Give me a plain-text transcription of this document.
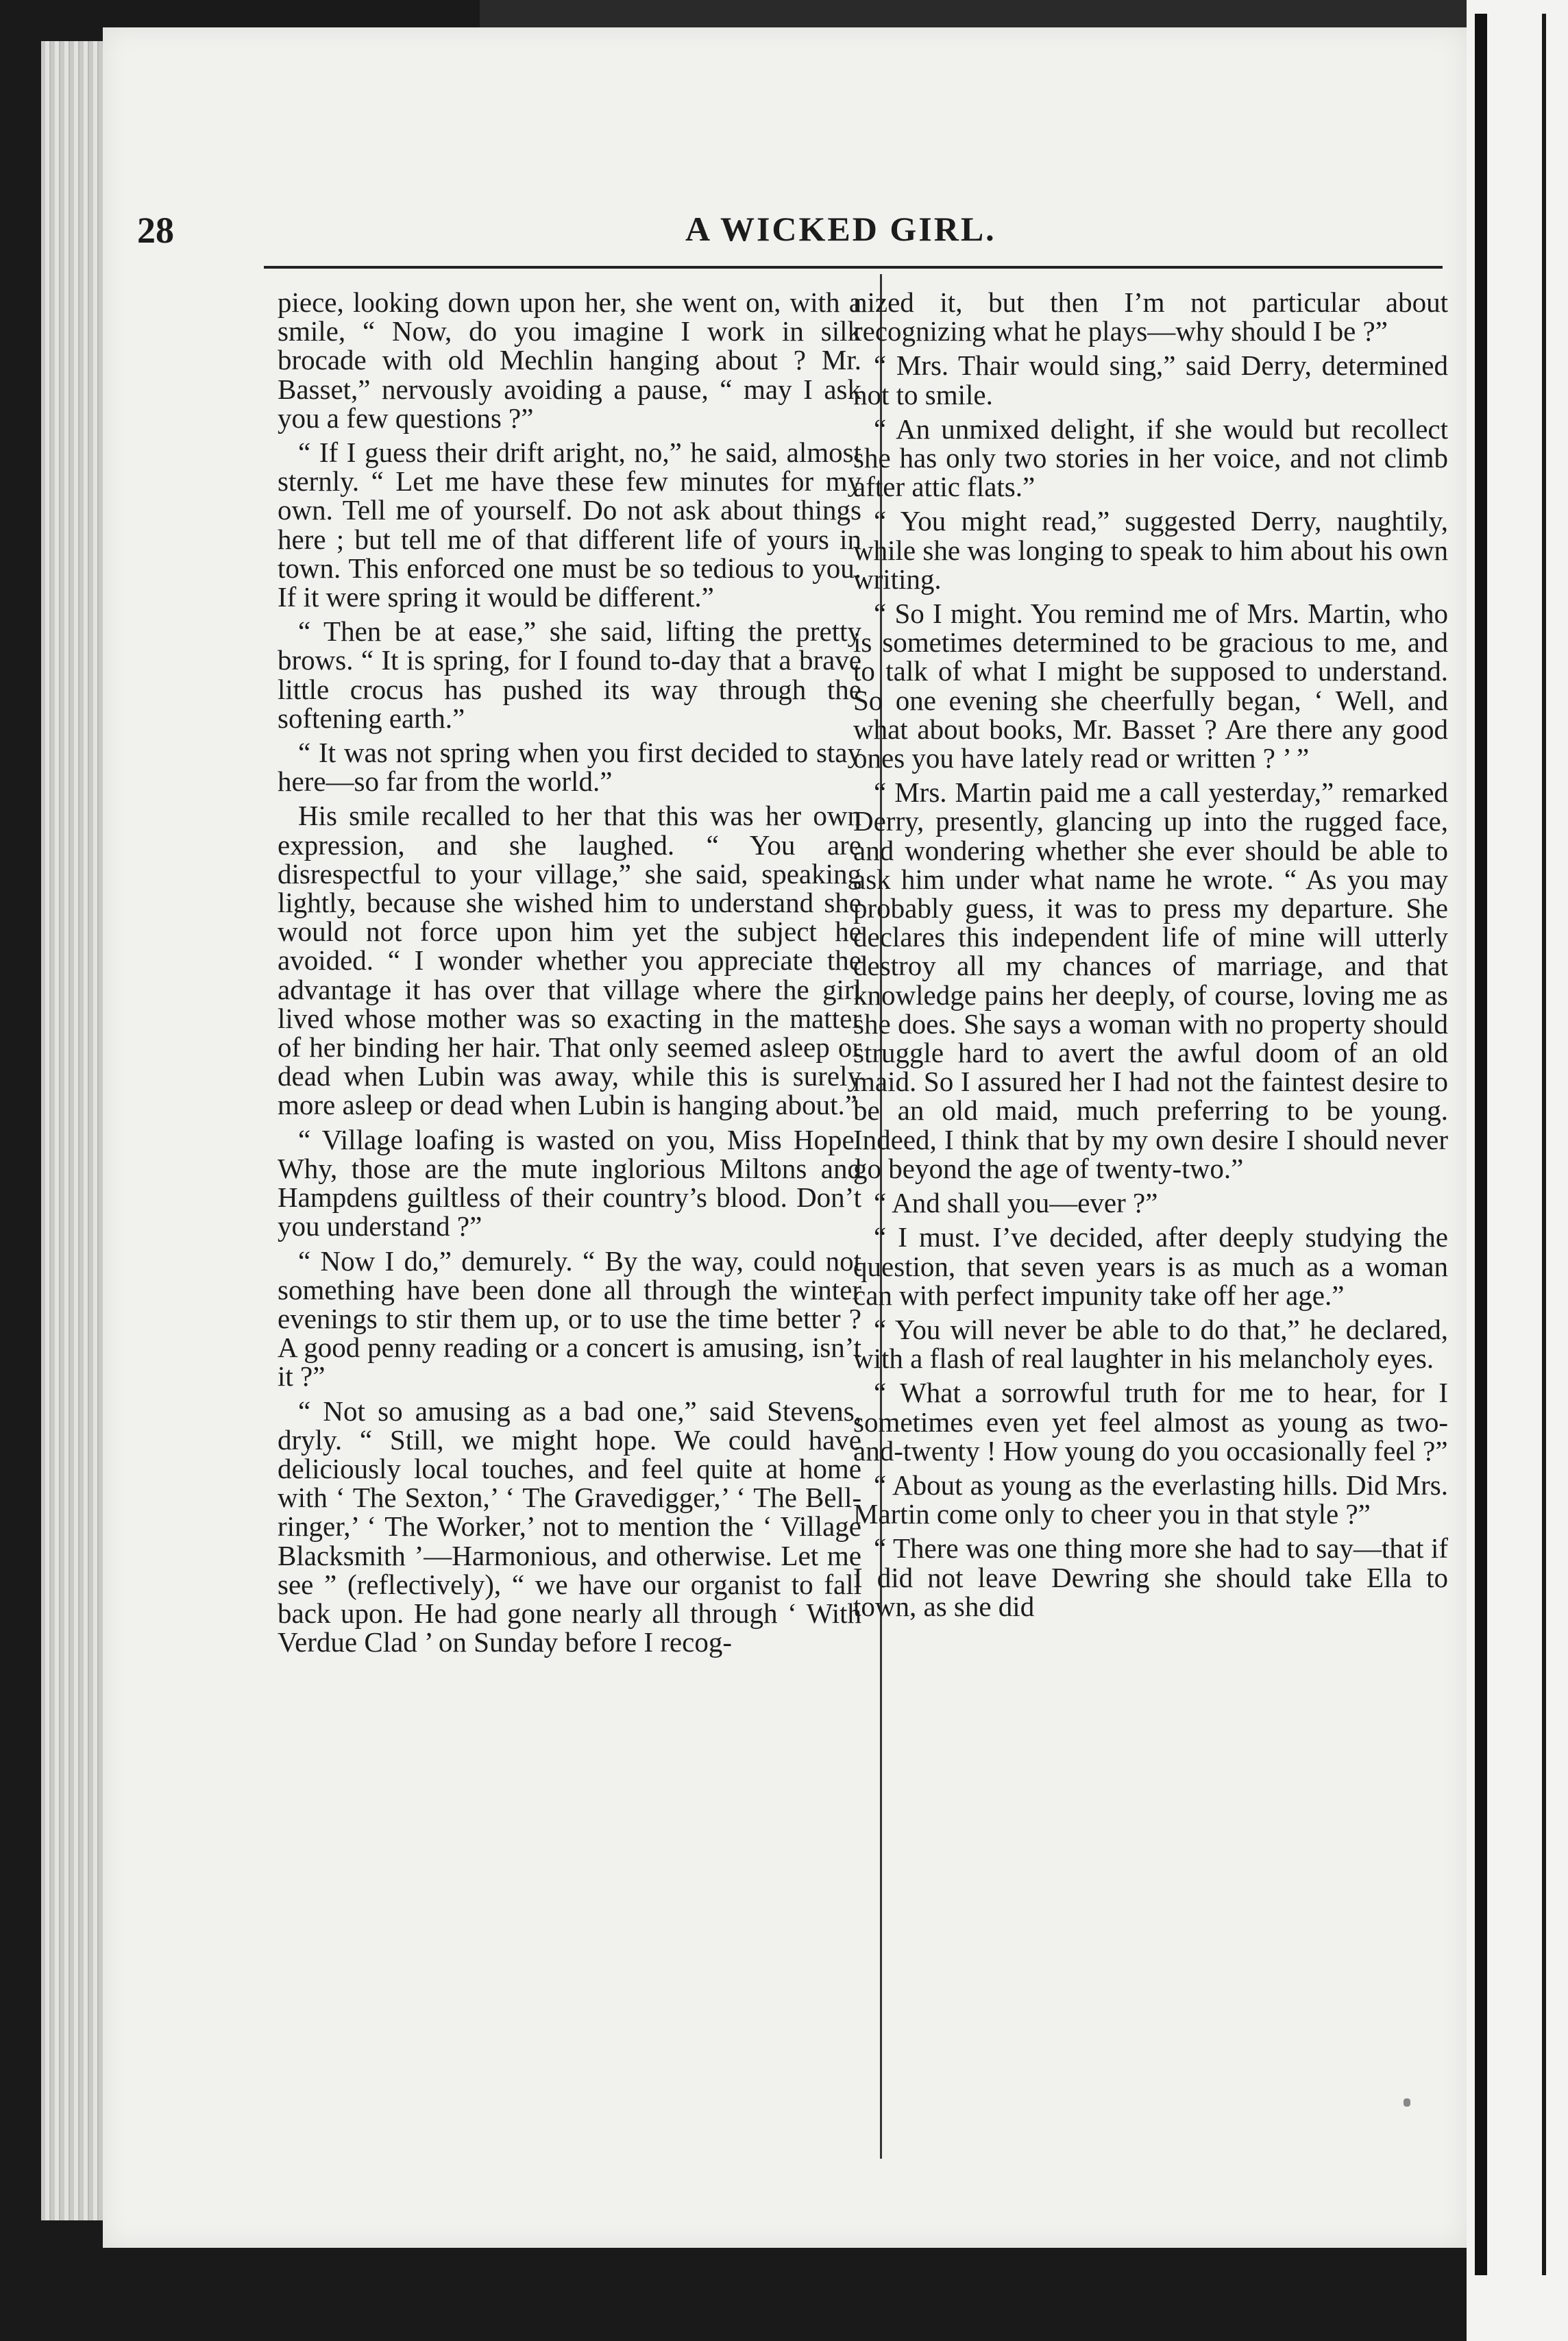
28	A WICKED GIRL.

piece, looking down upon her, she went on, with a smile, “ Now, do you imagine I work in silk brocade with old Mechlin hanging about ? Mr. Basset,” nervously avoiding a pause, “ may I ask you a few questions ?”

“ If I guess their drift aright, no,” he said, almost sternly. “ Let me have these few minutes for my own. Tell me of yourself. Do not ask about things here ; but tell me of that different life of yours in town. This enforced one must be so tedious to you. If it were spring it would be different.”

“ Then be at ease,” she said, lifting the pretty brows. “ It is spring, for I found to-day that a brave little crocus has pushed its way through the softening earth.”

“ It was not spring when you first decided to stay here—so far from the world.”

His smile recalled to her that this was her own expression, and she laughed. “ You are disrespectful to your village,” she said, speaking lightly, because she wished him to understand she would not force upon him yet the subject he avoided. “ I wonder whether you appreciate the advantage it has over that village where the girl lived whose mother was so exacting in the matter of her binding her hair. That only seemed asleep or dead when Lubin was away, while this is surely more asleep or dead when Lubin is hanging about.”

“ Village loafing is wasted on you, Miss Hope. Why, those are the mute inglorious Miltons and Hampdens guiltless of their country’s blood. Don’t you understand ?”

“ Now I do,” demurely. “ By the way, could not something have been done all through the winter evenings to stir them up, or to use the time better ? A good penny reading or a concert is amusing, isn’t it ?”

“ Not so amusing as a bad one,” said Stevens, dryly. “ Still, we might hope. We could have deliciously local touches, and feel quite at home with ‘ The Sexton,’ ‘ The Gravedigger,’ ‘ The Bell-ringer,’ ‘ The Worker,’ not to mention the ‘ Village Blacksmith ’—Harmonious, and otherwise. Let me see ” (reflectively), “ we have our organist to fall back upon. He had gone nearly all through ‘ With Verdue Clad ’ on Sunday before I recog-

nized it, but then I’m not particular about recognizing what he plays—why should I be ?”

“ Mrs. Thair would sing,” said Derry, determined not to smile.

“ An unmixed delight, if she would but recollect she has only two stories in her voice, and not climb after attic flats.”

“ You might read,” suggested Derry, naughtily, while she was longing to speak to him about his own writing.

“ So I might. You remind me of Mrs. Martin, who is sometimes determined to be gracious to me, and to talk of what I might be supposed to understand. So one evening she cheerfully began, ‘ Well, and what about books, Mr. Basset ? Are there any good ones you have lately read or written ? ’ ”

“ Mrs. Martin paid me a call yesterday,” remarked Derry, presently, glancing up into the rugged face, and wondering whether she ever should be able to ask him under what name he wrote. “ As you may probably guess, it was to press my departure. She declares this independent life of mine will utterly destroy all my chances of marriage, and that knowledge pains her deeply, of course, loving me as she does. She says a woman with no property should struggle hard to avert the awful doom of an old maid. So I assured her I had not the faintest desire to be an old maid, much preferring to be young. Indeed, I think that by my own desire I should never go beyond the age of twenty-two.”

“ And shall you—ever ?”

“ I must. I’ve decided, after deeply studying the question, that seven years is as much as a woman can with perfect impunity take off her age.”

“ You will never be able to do that,” he declared, with a flash of real laughter in his melancholy eyes.

“ What a sorrowful truth for me to hear, for I sometimes even yet feel almost as young as two-and-twenty ! How young do you occasionally feel ?”

“ About as young as the everlasting hills. Did Mrs. Martin come only to cheer you in that style ?”

“ There was one thing more she had to say—that if I did not leave Dewring she should take Ella to town, as she did
